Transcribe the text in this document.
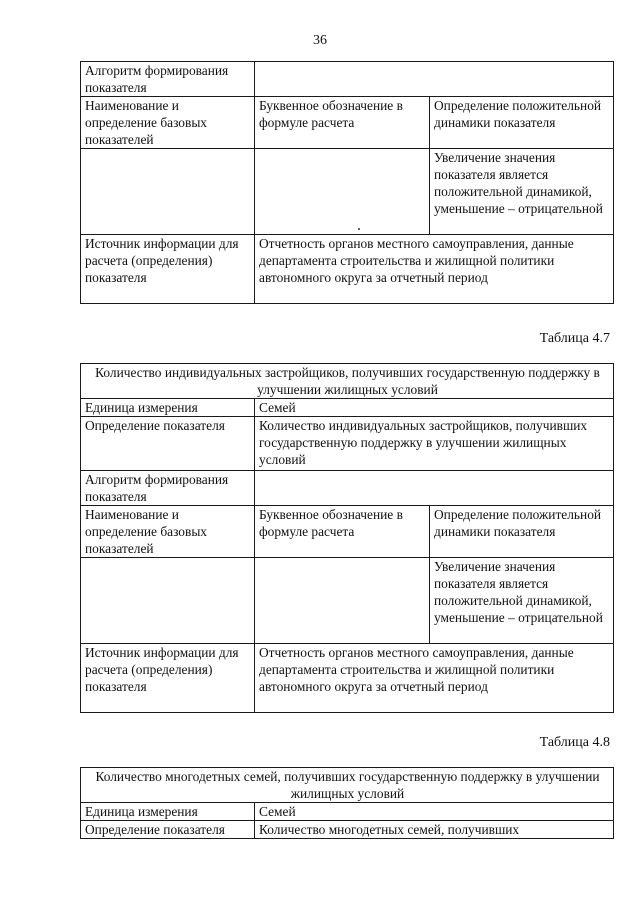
36
Алгоритм формирования показателя		
Наименование и определение базовых показателей	Буквенное обозначение в формуле расчета	Определение положительной динамики показателя
		Увеличение значения показателя является положительной динамикой, уменьшение – отрицательной
Источник информации для расчета (определения) показателя	Отчетность органов местного самоуправления, данные департамента строительства и жилищной политики автономного округа за отчетный период	
Таблица 4.7
Количество индивидуальных застройщиков, получивших государственную поддержку в улучшении жилищных условий		
Единица измерения	Семей	
Определение показателя	Количество индивидуальных застройщиков, получивших государственную поддержку в улучшении жилищных условий	
Алгоритм формирования показателя		
Наименование и определение базовых показателей	Буквенное обозначение в формуле расчета	Определение положительной динамики показателя
		Увеличение значения показателя является положительной динамикой, уменьшение – отрицательной
Источник информации для расчета (определения) показателя	Отчетность органов местного самоуправления, данные департамента строительства и жилищной политики автономного округа за отчетный период	
Таблица 4.8
Количество многодетных семей, получивших государственную поддержку в улучшении жилищных условий	
Единица измерения	Семей
Определение показателя	Количество многодетных семей, получивших
